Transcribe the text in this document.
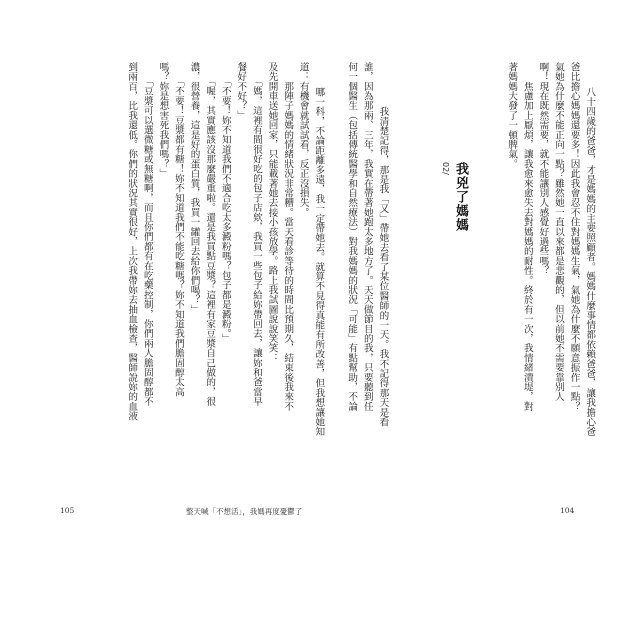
八十四歲的爸爸，才是媽媽的主要照顧者。媽媽什麼事情都依賴爸爸，讓我擔心爸
爸比擔心媽媽還要多！因此我會忍不住對媽媽生氣，氣她為什麼不願意振作一點？
氣她為什麼不能正向一點？雖然她一直以來都是悲觀的，但以前她不需要靠別人
啊！現在既然需要，就不能讓別人感覺好過些嗎？
　　焦慮加上厭煩，讓我愈來愈失去對媽媽的耐性。終於有一次，我情緒潰堤，對
著媽媽大發了一頓脾氣。

02/ 我兇了媽媽

　　我清楚記得，那是我「又」帶她去看了某位醫師的一天。我不記得那天是看
誰，因為那兩、三年，我實在帶著她跑太多地方了。天天做節目的我，只要聽到任
何一個醫生（包括傳統醫學和自然療法）對我媽媽的狀況「可能」有點幫助，不論

104

哪一科，不論距離多遠，我一定帶她去。就算不見得真能有所改善，但我想讓她知
道：有機會就試試看，反正沒損失。
　　那陣子媽媽的情緒狀況非常糟。當天看診等待的時間比預期久，結束後我來不
及先開車送她回家，只能載著她去接小孩放學。路上我試圖說說笑笑：
　　「媽，這裡有間很好吃的包子店欸，我買一些包子給妳帶回去，讓妳和爸當早
餐好不好？」
　　「不要！妳不知道我們不適合吃太多澱粉嗎？包子都是澱粉。」
　　「喔，其實應該沒那麼嚴重啦。還是我買點豆漿？這裡有家豆漿自己做的，很
濃，很營養，這是好的蛋白質，我買一罐回去給你們喝？」
　　「不要！豆漿都有糖！妳不知道我們不能吃糖嗎？妳不知道我們膽固醇太高
嗎？妳是想害死我們嗎？」
　　「豆漿可以選微糖或無糖啊，而且你們都有在吃藥控制，你們兩人膽固醇都不
到兩百，比我還低。你們的狀況其實很好，上次我帶妳去抽血檢查，醫師說妳的血液

105	整天喊「不想活」，我媽再度憂鬱了
